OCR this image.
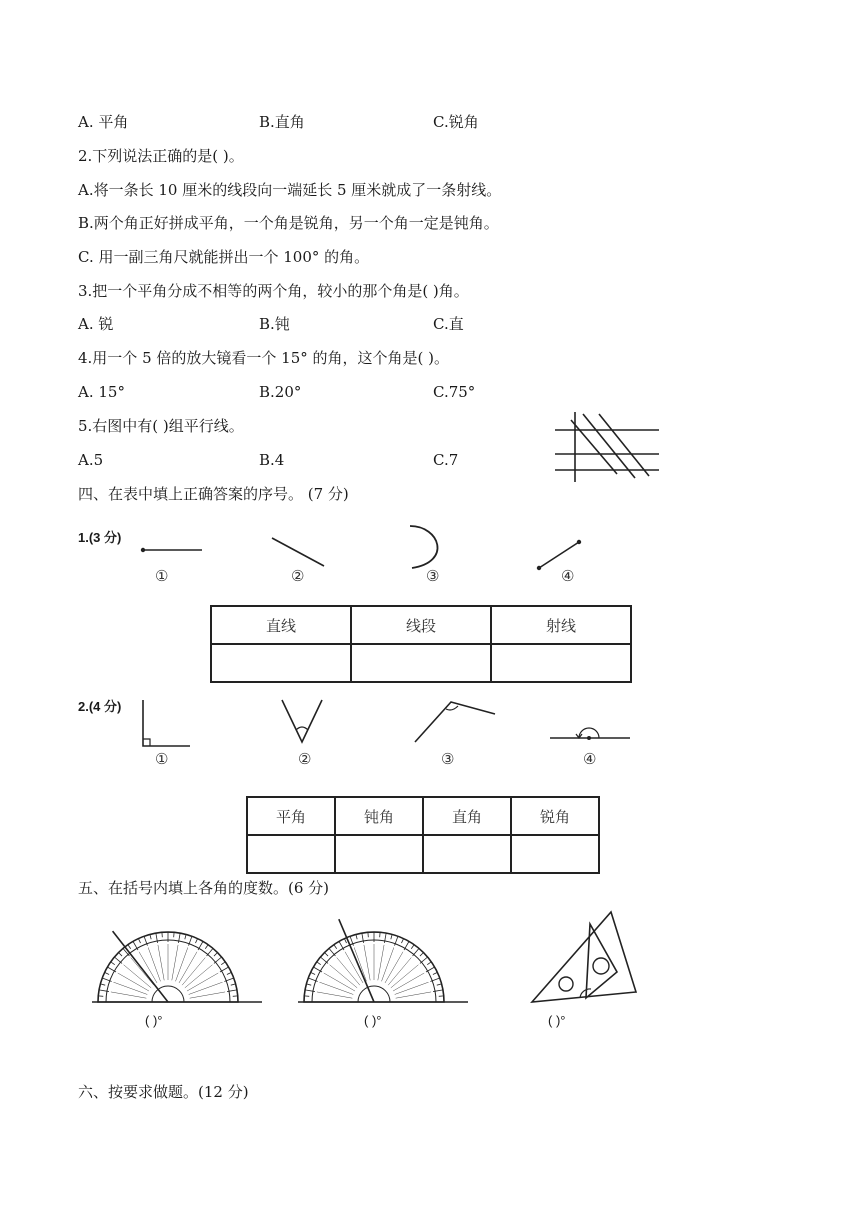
A. 平角	B.直角	C.锐角
2.下列说法正确的是( )。
A.将一条长 10 厘米的线段向一端延长 5 厘米就成了一条射线。
B.两个角正好拼成平角，一个角是锐角，另一个角一定是钝角。
C. 用一副三角尺就能拼出一个 100° 的角。
3.把一个平角分成不相等的两个角，较小的那个角是( )角。
A. 锐	B.钝	C.直
4.用一个 5 倍的放大镜看一个 15° 的角，这个角是( )。
A. 15°	B.20°	C.75°
5.右图中有( )组平行线。
A.5	B.4	C.7
四、在表中填上正确答案的序号。 (7 分)
1.(3 分)
①	②	③	④
直线	线段	射线

2.(4 分)
①	②	③	④
平角	钝角	直角	锐角

五、在括号内填上各角的度数。(6 分)
( )°	( )°	( )°
六、按要求做题。(12 分)
